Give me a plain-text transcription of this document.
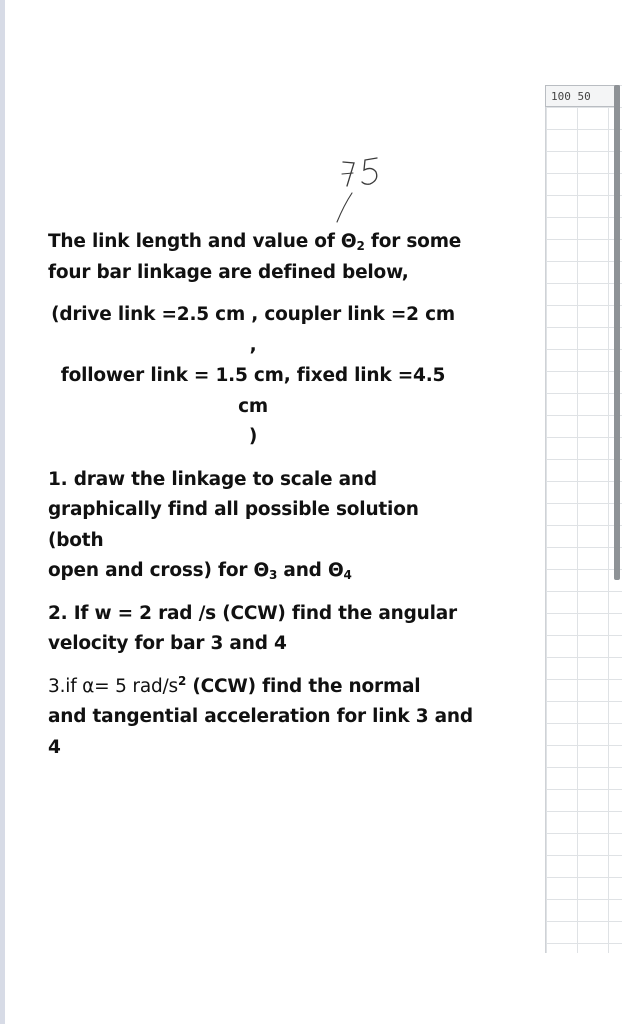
The link length and value of $\Theta_2$ for some
four bar linkage are defined below,

(drive link =2.5 cm , coupler link =2 cm ,
follower link = 1.5 cm, fixed link =4.5 cm
)

1. draw the linkage to scale and
graphically find all possible solution (both
open and cross) for $\Theta_3$ and $\Theta_4$

2. If w = 2 rad /s (CCW) find the angular
velocity for bar 3 and 4

3.if α= 5 rad/$s^2$ (CCW) find the normal
and tangential acceleration for link 3 and
4

100 50
